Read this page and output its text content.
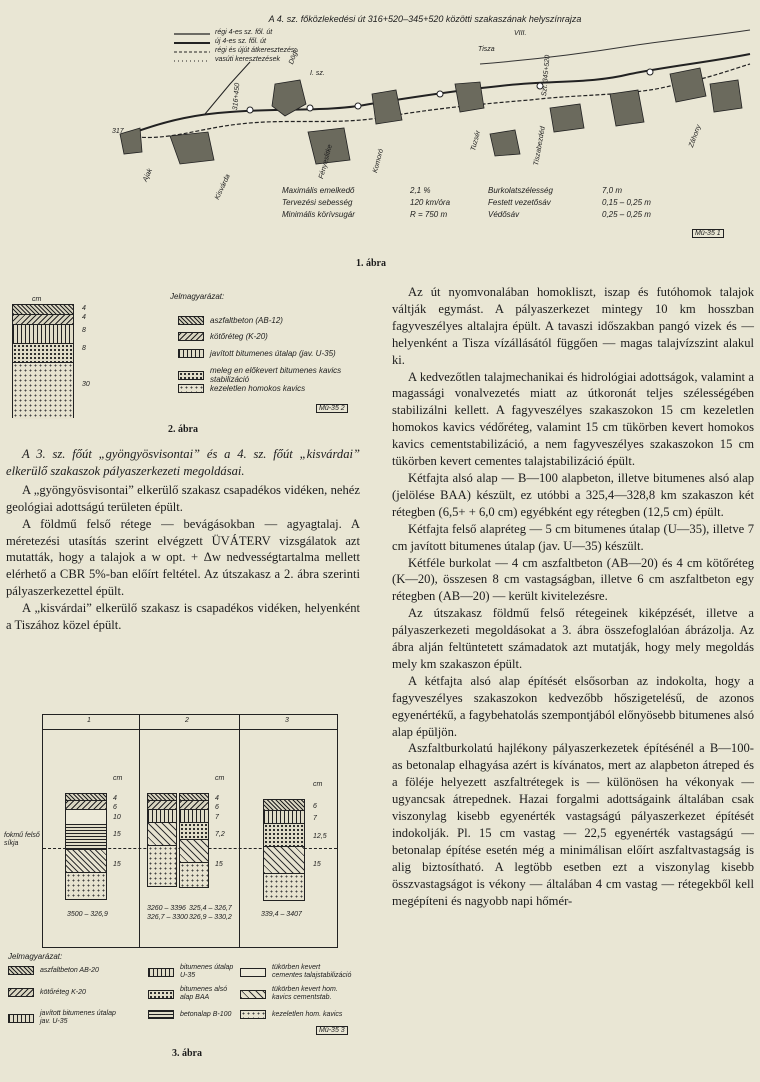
A 4. sz. főközlekedési út 316+520–345+520 közötti szakaszának helyszínrajza
régi 4-es sz. fől. út
új 4-es sz. fől. út
régi és újút átkeresztezés
vasúti keresztezések
Ajak	Kisvárda
Fényeslitke	Komoró
Tuzsér	Tiszabezdéd	Záhony
Döge	Tisza
Szt. 345+520
316+450
317
I. sz.
VIII.
Maximális emelkedő	2,1 %
Tervezési sebesség	120 km/óra
Minimális körívsugár	R = 750 m
Burkolatszélesség	7,0 m
Festett vezetősáv	0,15 – 0,25 m
Védősáv	0,25 – 0,25 m
Mű-35 1
1. ábra
cm
4
4
8
8
30
Jelmagyarázat:
aszfaltbeton (AB-12)
kötőréteg (K-20)
javított bitumenes útalap (jav. U-35)
meleg en előkevert bitumenes kavics stabilizáció
kezeletlen homokos kavics
Mű-35 2
2. ábra

A 3. sz. főút „gyöngyösvisontai” és a 4. sz. főút „kisvárdai” elkerülő szakaszok pályaszerkezeti megoldásai.

A „gyöngyösvisontai” elkerülő szakasz csapadékos vidéken, nehéz geológiai adottságú területen épült.

A földmű felső rétege — bevágásokban — agyagtalaj. A méretezési utasítás szerint elvégzett ÜVÁTERV vizsgálatok azt mutatták, hogy a talajok a w opt. + Δw nedvességtartalma mellett elérhető a CBR 5%-ban előírt feltétel. Az útszakasz a 2. ábra szerinti pályaszerkezettel épült.

A „kisvárdai” elkerülő szakasz is csapadékos vidéken, helyenként a Tiszához közel épült.

1	2	3
cm
4
6
10
15
15
cm
4
6
7
7,2
15
cm
6
7
12,5
15
3500 – 326,9
3260 – 3396 325,4 – 326,7
326,7 – 3300 326,9 – 330,2	339,4 – 3407
fokmű felső síkja
Jelmagyarázat:
aszfaltbeton AB-20
kötőréteg K-20
javított bitumenes útalap jav. U-35
bitumenes útalap U-35
bitumenes alsó alap BAA
betonalap B-100
tükörben kevert cementes talajstabilizáció
tükörben kevert hom. kavics cementstab.
kezeletlen hom. kavics
Mű-35 3
3. ábra

Az út nyomvonalában homokliszt, iszap és futóhomok talajok váltják egymást. A pályaszerkezet mintegy 10 km hosszban fagyveszélyes altalajra épült. A tavaszi időszakban pangó vizek és — helyenként a Tisza vízállásától függően — magas talajvízszint alakul ki.

A kedvezőtlen talajmechanikai és hidrológiai adottságok, valamint a magassági vonalvezetés miatt az útkoronát teljes szélességében stabilizálni kellett. A fagyveszélyes szakaszokon 15 cm kezeletlen homokos kavics védőréteg, valamint 15 cm tükörben kevert homokos kavics cementstabilizáció, a nem fagyveszélyes szakaszokon 15 cm tükörben kevert cementes talajstabilizáció épült.

Kétfajta alsó alap — B—100 alapbeton, illetve bitumenes alsó alap (jelölése BAA) készült, ez utóbbi a 325,4—328,8 km szakaszon két rétegben (6,5+ + 6,0 cm) egyébként egy rétegben (12,5 cm) épült.

Kétfajta felső alapréteg — 5 cm bitumenes útalap (U—35), illetve 7 cm javított bitumenes útalap (jav. U—35) készült.

Kétféle burkolat — 4 cm aszfaltbeton (AB—20) és 4 cm kötőréteg (K—20), összesen 8 cm vastagságban, illetve 6 cm aszfaltbeton egy rétegben (AB—20) — került kivitelezésre.

Az útszakasz földmű felső rétegeinek kiképzését, illetve a pályaszerkezeti megoldásokat a 3. ábra összefoglalóan ábrázolja. Az ábra alján feltüntetett számadatok azt mutatják, hogy mely megoldás mely km szakaszon épült.

A kétfajta alsó alap építését elsősorban az indokolta, hogy a fagyveszélyes szakaszokon kedvezőbb hőszigetelésű, de azonos egyenértékű, a fagybehatolás szempontjából előnyösebb bitumenes alsó alap épüljön.

Aszfaltburkolatú hajlékony pályaszerkezetek építésénél a B—100-as betonalap elhagyása azért is kívánatos, mert az alapbeton átreped és a föléje helyezett aszfaltrétegek is — különösen ha vékonyak — ugyancsak átrepednek. Hazai forgalmi adottságaink általában csak viszonylag kisebb egyenérték vastagságú pályaszerkezet építését indokolják. Pl. 15 cm vastag — 22,5 egyenérték vastagságú — betonalap építése esetén még a minimálisan előírt aszfaltvastagság is alig biztosítható. A legtöbb esetben ezt a viszonylag kisebb összvastagságot is vékony — általában 4 cm vastag — rétegekből kell megépíteni és nagyobb napi hőmér-
